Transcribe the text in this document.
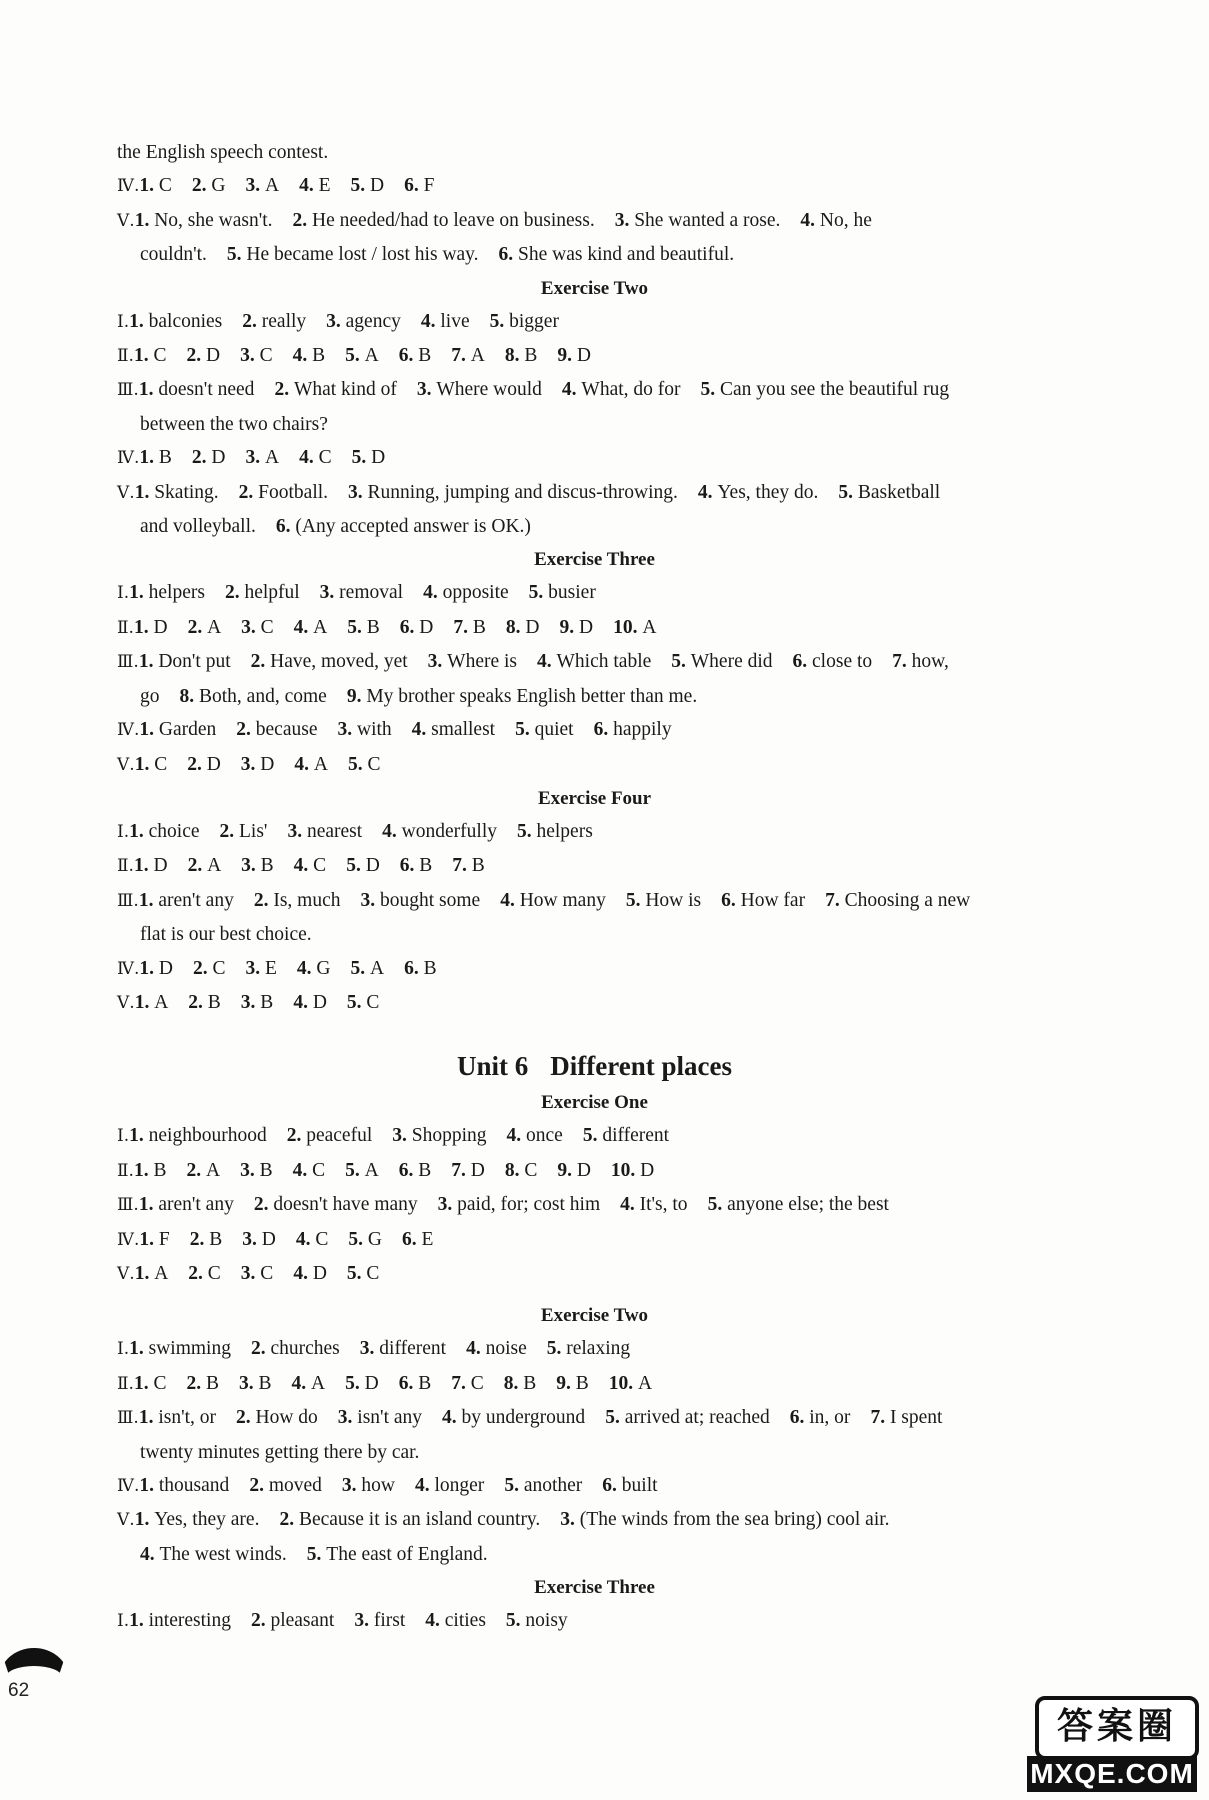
the English speech contest.
Ⅳ.1. C 2. G 3. A 4. E 5. D 6. F
Ⅴ.1. No, she wasn't. 2. He needed/had to leave on business. 3. She wanted a rose. 4. No, he
couldn't. 5. He became lost / lost his way. 6. She was kind and beautiful.
Exercise Two
Ⅰ.1. balconies 2. really 3. agency 4. live 5. bigger
Ⅱ.1. C 2. D 3. C 4. B 5. A 6. B 7. A 8. B 9. D
Ⅲ.1. doesn't need 2. What kind of 3. Where would 4. What, do for 5. Can you see the beautiful rug
between the two chairs?
Ⅳ.1. B 2. D 3. A 4. C 5. D
Ⅴ.1. Skating. 2. Football. 3. Running, jumping and discus-throwing. 4. Yes, they do. 5. Basketball
and volleyball. 6. (Any accepted answer is OK.)
Exercise Three
Ⅰ.1. helpers 2. helpful 3. removal 4. opposite 5. busier
Ⅱ.1. D 2. A 3. C 4. A 5. B 6. D 7. B 8. D 9. D 10. A
Ⅲ.1. Don't put 2. Have, moved, yet 3. Where is 4. Which table 5. Where did 6. close to 7. how,
go 8. Both, and, come 9. My brother speaks English better than me.
Ⅳ.1. Garden 2. because 3. with 4. smallest 5. quiet 6. happily
Ⅴ.1. C 2. D 3. D 4. A 5. C
Exercise Four
Ⅰ.1. choice 2. Lis' 3. nearest 4. wonderfully 5. helpers
Ⅱ.1. D 2. A 3. B 4. C 5. D 6. B 7. B
Ⅲ.1. aren't any 2. Is, much 3. bought some 4. How many 5. How is 6. How far 7. Choosing a new
flat is our best choice.
Ⅳ.1. D 2. C 3. E 4. G 5. A 6. B
Ⅴ.1. A 2. B 3. B 4. D 5. C
Unit 6 Different places
Exercise One
Ⅰ.1. neighbourhood 2. peaceful 3. Shopping 4. once 5. different
Ⅱ.1. B 2. A 3. B 4. C 5. A 6. B 7. D 8. C 9. D 10. D
Ⅲ.1. aren't any 2. doesn't have many 3. paid, for; cost him 4. It's, to 5. anyone else; the best
Ⅳ.1. F 2. B 3. D 4. C 5. G 6. E
Ⅴ.1. A 2. C 3. C 4. D 5. C
Exercise Two
Ⅰ.1. swimming 2. churches 3. different 4. noise 5. relaxing
Ⅱ.1. C 2. B 3. B 4. A 5. D 6. B 7. C 8. B 9. B 10. A
Ⅲ.1. isn't, or 2. How do 3. isn't any 4. by underground 5. arrived at; reached 6. in, or 7. I spent
twenty minutes getting there by car.
Ⅳ.1. thousand 2. moved 3. how 4. longer 5. another 6. built
Ⅴ.1. Yes, they are. 2. Because it is an island country. 3. (The winds from the sea bring) cool air.
4. The west winds. 5. The east of England.
Exercise Three
Ⅰ.1. interesting 2. pleasant 3. first 4. cities 5. noisy
62
答案圈
MXQE.COM
